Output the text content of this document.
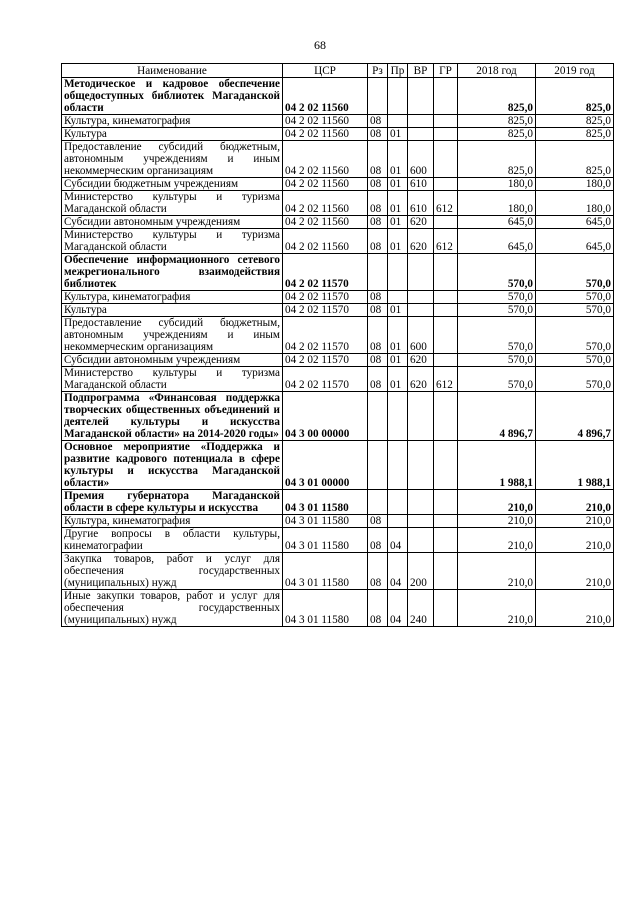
68
Наименование	ЦСР	Рз	Пр	ВР	ГР	2018 год	2019 год
Методическое и кадровое обеспечение общедоступных библиотек Магаданской области	04 2 02 11560					825,0	825,0
Культура, кинематография	04 2 02 11560	08				825,0	825,0
Культура	04 2 02 11560	08	01			825,0	825,0
Предоставление субсидий бюджетным, автономным учреждениям и иным некоммерческим организациям	04 2 02 11560	08	01	600		825,0	825,0
Субсидии бюджетным учреждениям	04 2 02 11560	08	01	610		180,0	180,0
Министерство культуры и туризма Магаданской области	04 2 02 11560	08	01	610	612	180,0	180,0
Субсидии автономным учреждениям	04 2 02 11560	08	01	620		645,0	645,0
Министерство культуры и туризма Магаданской области	04 2 02 11560	08	01	620	612	645,0	645,0
Обеспечение информационного сетевого межрегионального взаимодействия библиотек	04 2 02 11570					570,0	570,0
Культура, кинематография	04 2 02 11570	08				570,0	570,0
Культура	04 2 02 11570	08	01			570,0	570,0
Предоставление субсидий бюджетным, автономным учреждениям и иным некоммерческим организациям	04 2 02 11570	08	01	600		570,0	570,0
Субсидии автономным учреждениям	04 2 02 11570	08	01	620		570,0	570,0
Министерство культуры и туризма Магаданской области	04 2 02 11570	08	01	620	612	570,0	570,0
Подпрограмма «Финансовая поддержка творческих общественных объединений и деятелей культуры и искусства Магаданской области» на 2014-2020 годы»	04 3 00 00000					4 896,7	4 896,7
Основное мероприятие «Поддержка и развитие кадрового потенциала в сфере культуры и искусства Магаданской области»	04 3 01 00000					1 988,1	1 988,1
Премия губернатора Магаданской области в сфере культуры и искусства	04 3 01 11580					210,0	210,0
Культура, кинематография	04 3 01 11580	08				210,0	210,0
Другие вопросы в области культуры, кинематографии	04 3 01 11580	08	04			210,0	210,0
Закупка товаров, работ и услуг для обеспечения государственных (муниципальных) нужд	04 3 01 11580	08	04	200		210,0	210,0
Иные закупки товаров, работ и услуг для обеспечения государственных (муниципальных) нужд	04 3 01 11580	08	04	240		210,0	210,0
